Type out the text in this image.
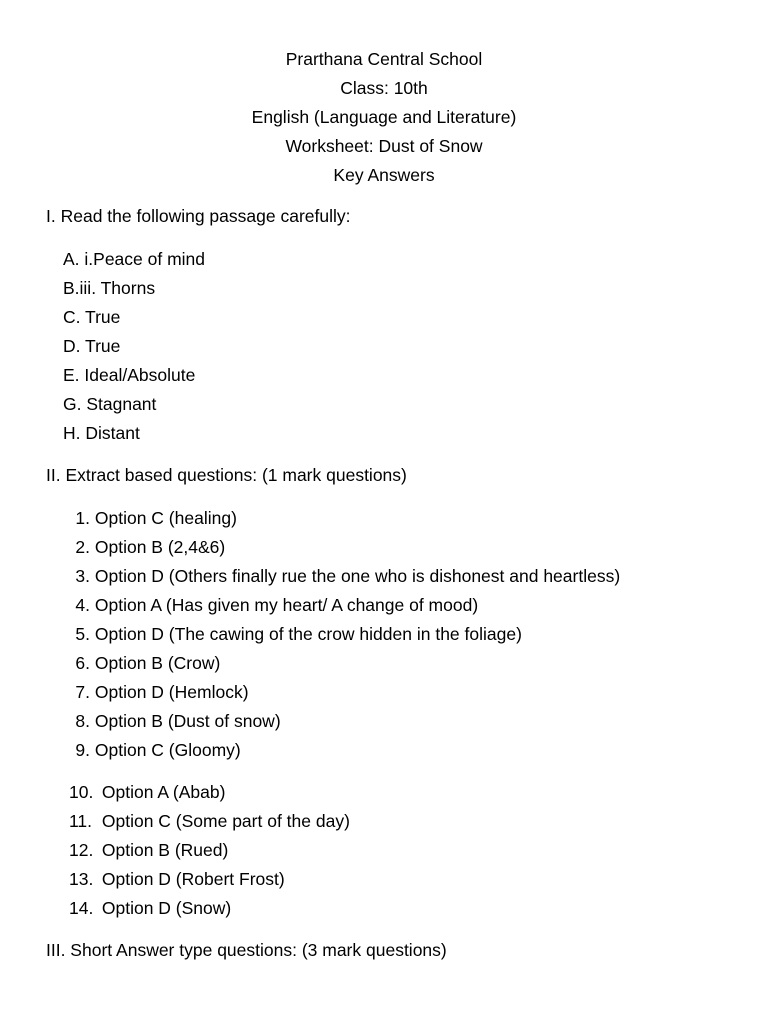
Prarthana Central School
Class: 10th
English (Language and Literature)
Worksheet: Dust of Snow
Key Answers
I. Read the following passage carefully:
A. i.Peace of mind
B.iii. Thorns
C. True
D. True
E. Ideal/Absolute
G. Stagnant
H. Distant
II. Extract based questions: (1 mark questions)
1.
Option C (healing)
2.
Option B (2,4&6)
3.
Option D (Others finally rue the one who is dishonest and heartless)
4.
Option A (Has given my heart/ A change of mood)
5.
Option D (The cawing of the crow hidden in the foliage)
6.
Option B (Crow)
7.
Option D (Hemlock)
8.
Option B (Dust of snow)
9.
Option C (Gloomy)
10.
Option A (Abab)
11.
Option C (Some part of the day)
12.
Option B (Rued)
13.
Option D (Robert Frost)
14.
Option D (Snow)
III. Short Answer type questions: (3 mark questions)
